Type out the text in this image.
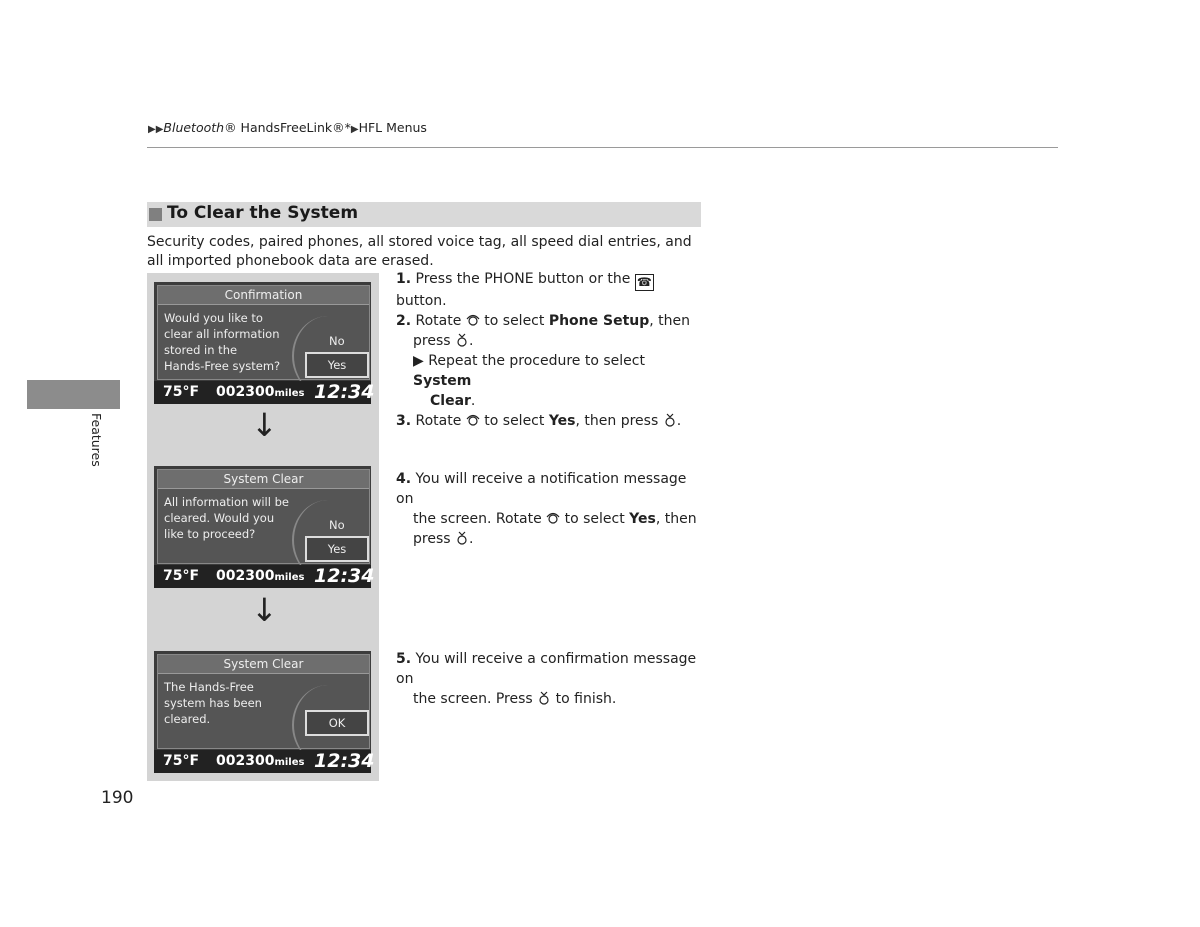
▶▶Bluetooth® HandsFreeLink®*▶HFL Menus
To Clear the System
Security codes, paired phones, all stored voice tag, all speed dial entries, and all imported phonebook data are erased.
Confirmation
Would you like to
clear all information
stored in the
Hands-Free system?
No
Yes
75°F 002300miles 12:34
↓
System Clear
All information will be
cleared. Would you
like to proceed?
No
Yes
75°F 002300miles 12:34
↓
System Clear
The Hands-Free
system has been
cleared.	OK
75°F 002300miles 12:34
1. Press the PHONE button or the ☎ button.
2. Rotate to select Phone Setup, then
press .
▶ Repeat the procedure to select System
Clear.
3. Rotate to select Yes, then press .
4. You will receive a notification message on
the screen. Rotate to select Yes, then
press .
5. You will receive a confirmation message on
the screen. Press to finish.
Features
190
